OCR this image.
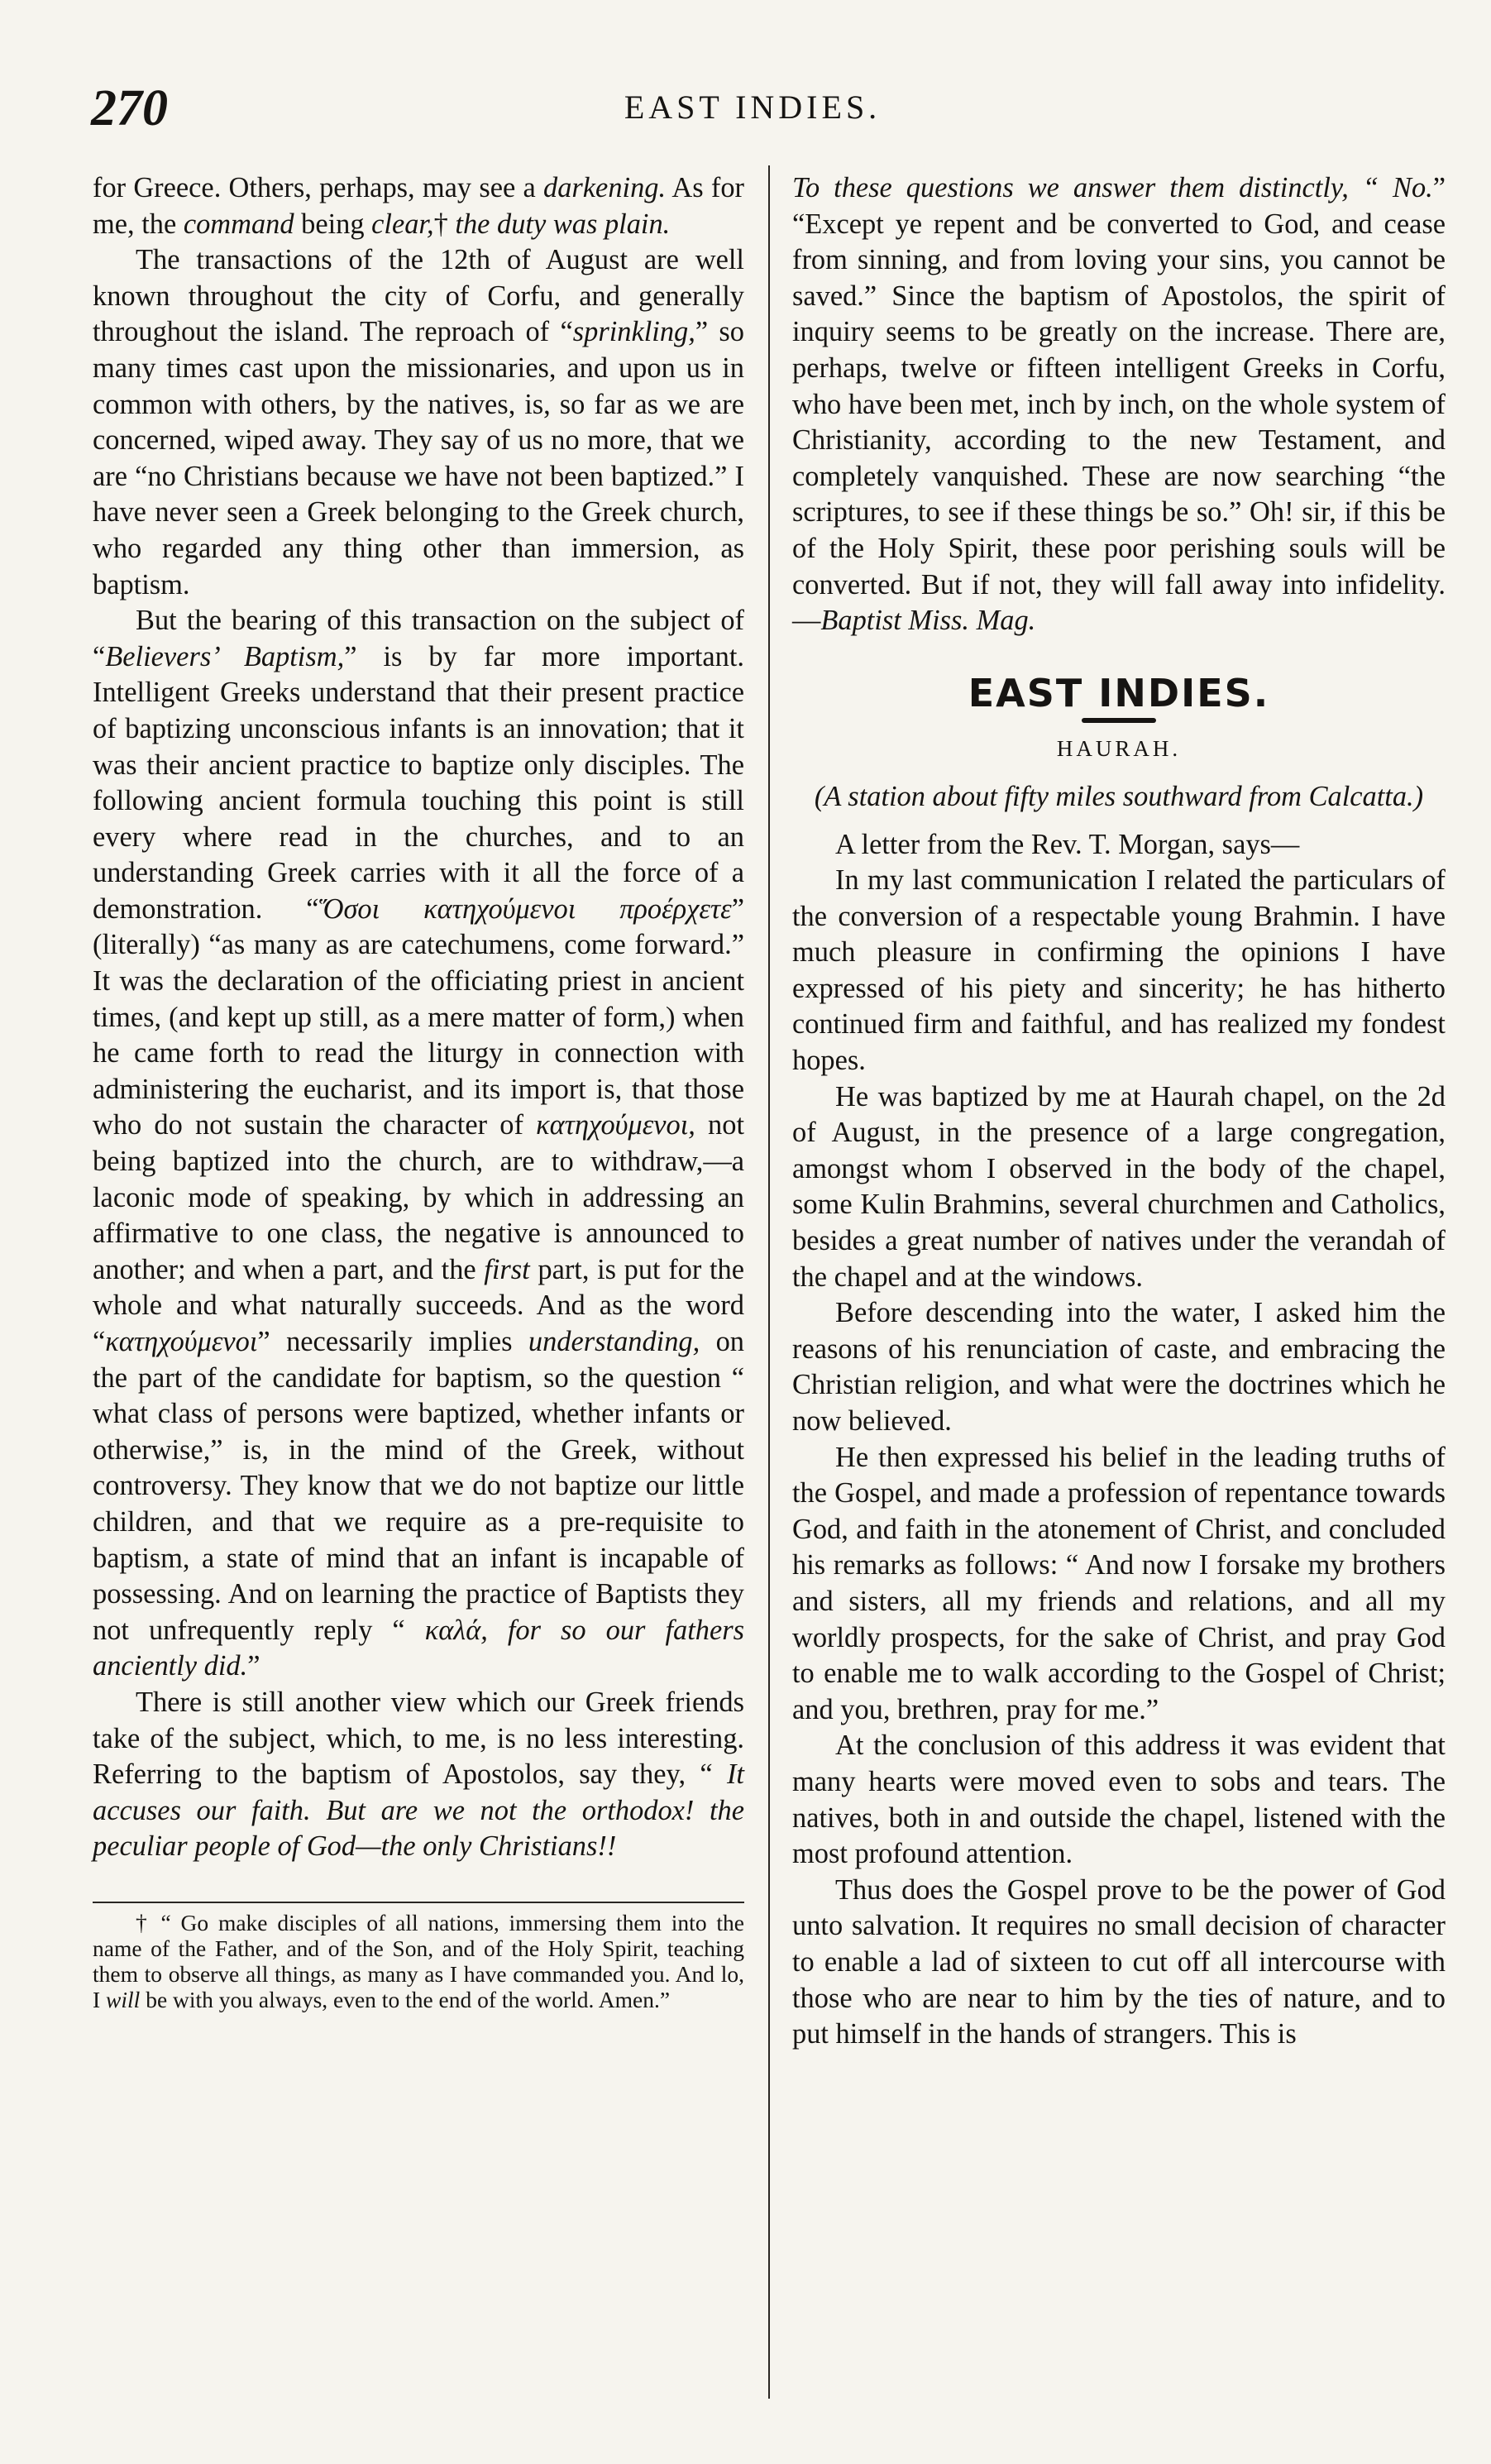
270	EAST INDIES.

for Greece. Others, perhaps, may see a darkening. As for me, the command being clear,† the duty was plain.

The transactions of the 12th of August are well known throughout the city of Corfu, and generally throughout the island. The reproach of “sprinkling,” so many times cast upon the missionaries, and upon us in common with others, by the natives, is, so far as we are concerned, wiped away. They say of us no more, that we are “no Christians because we have not been baptized.” I have never seen a Greek belonging to the Greek church, who regarded any thing other than immersion, as baptism.

But the bearing of this transaction on the subject of “Believers’ Baptism,” is by far more important. Intelligent Greeks understand that their present practice of baptizing unconscious infants is an innovation; that it was their ancient practice to baptize only disciples. The following ancient formula touching this point is still every where read in the churches, and to an understanding Greek carries with it all the force of a demonstration. “Ὅσοι κατηχούμενοι προέρχετε” (literally) “as many as are catechumens, come forward.” It was the declaration of the officiating priest in ancient times, (and kept up still, as a mere matter of form,) when he came forth to read the liturgy in connection with administering the eucharist, and its import is, that those who do not sustain the character of κατηχούμενοι, not being baptized into the church, are to withdraw,—a laconic mode of speaking, by which in addressing an affirmative to one class, the negative is announced to another; and when a part, and the first part, is put for the whole and what naturally succeeds. And as the word “κατηχούμενοι” necessarily implies understanding, on the part of the candidate for baptism, so the question “ what class of persons were baptized, whether infants or otherwise,” is, in the mind of the Greek, without controversy. They know that we do not baptize our little children, and that we require as a pre-requisite to baptism, a state of mind that an infant is incapable of possessing. And on learning the practice of Baptists they not unfrequently reply “ καλά, for so our fathers anciently did.”

There is still another view which our Greek friends take of the subject, which, to me, is no less interesting. Referring to the baptism of Apostolos, say they, “ It accuses our faith. But are we not the orthodox! the peculiar people of God—the only Christians!!

† “ Go make disciples of all nations, immersing them into the name of the Father, and of the Son, and of the Holy Spirit, teaching them to observe all things, as many as I have commanded you. And lo, I will be with you always, even to the end of the world. Amen.”

To these questions we answer them distinctly, “ No.” “Except ye repent and be converted to God, and cease from sinning, and from loving your sins, you cannot be saved.” Since the baptism of Apostolos, the spirit of inquiry seems to be greatly on the increase. There are, perhaps, twelve or fifteen intelligent Greeks in Corfu, who have been met, inch by inch, on the whole system of Christianity, according to the new Testament, and completely vanquished. These are now searching “the scriptures, to see if these things be so.” Oh! sir, if this be of the Holy Spirit, these poor perishing souls will be converted. But if not, they will fall away into infidelity.—Baptist Miss. Mag.

EAST INDIES.
HAURAH.
(A station about fifty miles southward from Calcatta.)

A letter from the Rev. T. Morgan, says—

In my last communication I related the particulars of the conversion of a respectable young Brahmin. I have much pleasure in confirming the opinions I have expressed of his piety and sincerity; he has hitherto continued firm and faithful, and has realized my fondest hopes.

He was baptized by me at Haurah chapel, on the 2d of August, in the presence of a large congregation, amongst whom I observed in the body of the chapel, some Kulin Brahmins, several churchmen and Catholics, besides a great number of natives under the verandah of the chapel and at the windows.

Before descending into the water, I asked him the reasons of his renunciation of caste, and embracing the Christian religion, and what were the doctrines which he now believed.

He then expressed his belief in the leading truths of the Gospel, and made a profession of repentance towards God, and faith in the atonement of Christ, and concluded his remarks as follows: “ And now I forsake my brothers and sisters, all my friends and relations, and all my worldly prospects, for the sake of Christ, and pray God to enable me to walk according to the Gospel of Christ; and you, brethren, pray for me.”

At the conclusion of this address it was evident that many hearts were moved even to sobs and tears. The natives, both in and outside the chapel, listened with the most profound attention.

Thus does the Gospel prove to be the power of God unto salvation. It requires no small decision of character to enable a lad of sixteen to cut off all intercourse with those who are near to him by the ties of nature, and to put himself in the hands of strangers. This is
